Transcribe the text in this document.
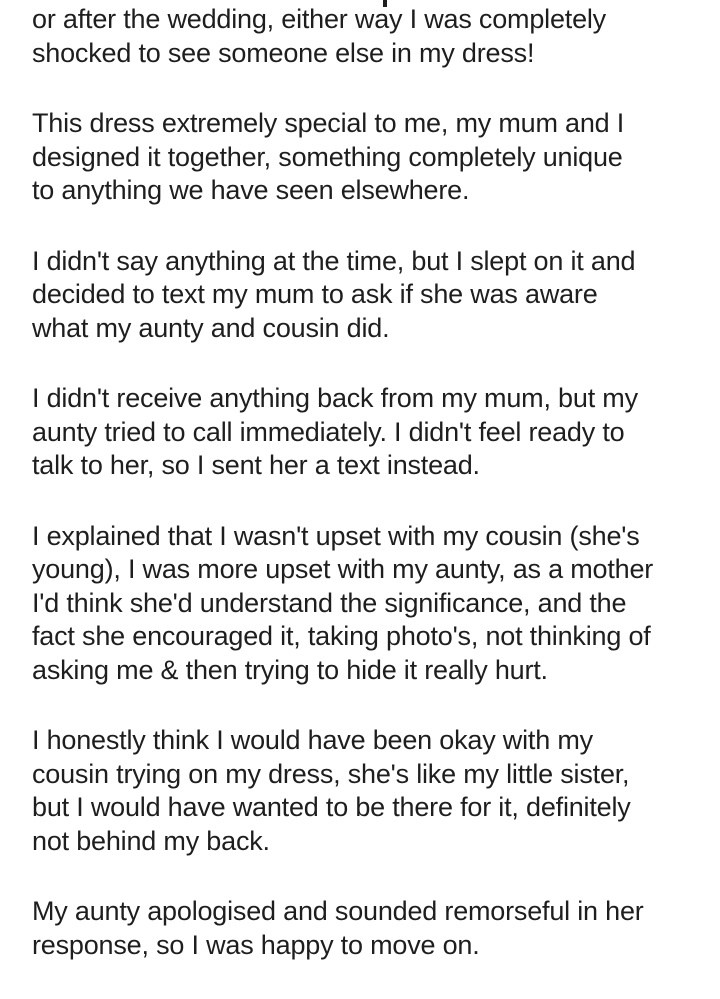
or after the wedding, either way I was completely
shocked to see someone else in my dress!
This dress extremely special to me, my mum and I
designed it together, something completely unique
to anything we have seen elsewhere.
I didn't say anything at the time, but I slept on it and
decided to text my mum to ask if she was aware
what my aunty and cousin did.
I didn't receive anything back from my mum, but my
aunty tried to call immediately. I didn't feel ready to
talk to her, so I sent her a text instead.
I explained that I wasn't upset with my cousin (she's
young), I was more upset with my aunty, as a mother
I'd think she'd understand the significance, and the
fact she encouraged it, taking photo's, not thinking of
asking me & then trying to hide it really hurt.
I honestly think I would have been okay with my
cousin trying on my dress, she's like my little sister,
but I would have wanted to be there for it, definitely
not behind my back.
My aunty apologised and sounded remorseful in her
response, so I was happy to move on.
